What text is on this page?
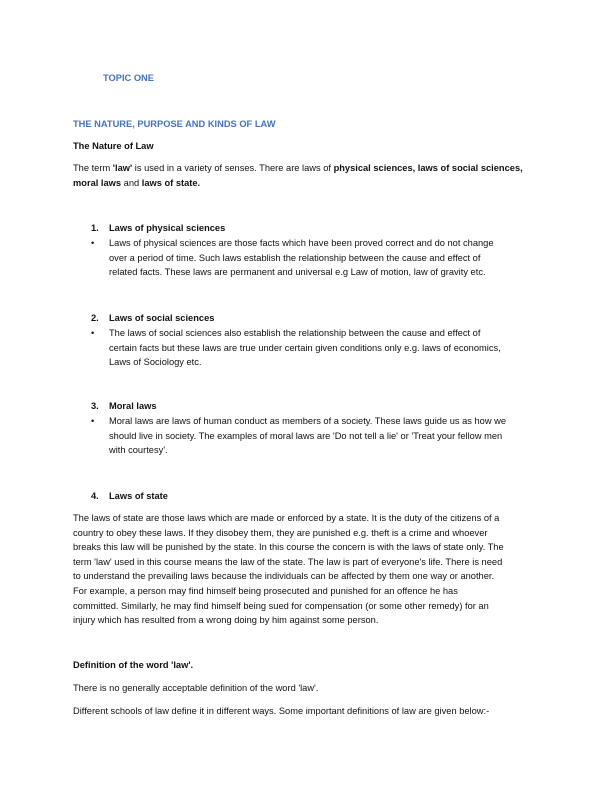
TOPIC ONE
THE NATURE, PURPOSE AND KINDS OF LAW
The Nature of Law
The term 'law' is used in a variety of senses. There are laws of physical sciences, laws of social sciences,
moral laws and laws of state.
1. Laws of physical sciences
• Laws of physical sciences are those facts which have been proved correct and do not change
over a period of time. Such laws establish the relationship between the cause and effect of
related facts. These laws are permanent and universal e.g Law of motion, law of gravity etc.
2. Laws of social sciences
• The laws of social sciences also establish the relationship between the cause and effect of
certain facts but these laws are true under certain given conditions only e.g. laws of economics,
Laws of Sociology etc.
3. Moral laws
• Moral laws are laws of human conduct as members of a society. These laws guide us as how we
should live in society. The examples of moral laws are 'Do not tell a lie' or 'Treat your fellow men
with courtesy'.
4. Laws of state
The laws of state are those laws which are made or enforced by a state. It is the duty of the citizens of a
country to obey these laws. If they disobey them, they are punished e.g. theft is a crime and whoever
breaks this law will be punished by the state. In this course the concern is with the laws of state only. The
term 'law' used in this course means the law of the state. The law is part of everyone's life. There is need
to understand the prevailing laws because the individuals can be affected by them one way or another.
For example, a person may find himself being prosecuted and punished for an offence he has
committed. Similarly, he may find himself being sued for compensation (or some other remedy) for an
injury which has resulted from a wrong doing by him against some person.
Definition of the word 'law'.
There is no generally acceptable definition of the word 'law'.
Different schools of law define it in different ways. Some important definitions of law are given below:-
